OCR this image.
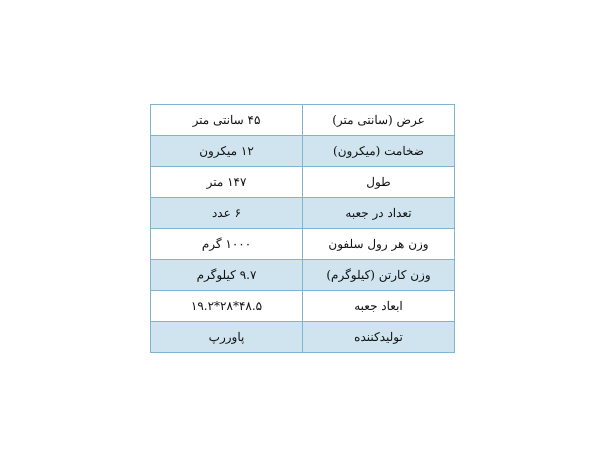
عرض (سانتی متر)	۴۵ سانتی متر
ضخامت (میکرون)	۱۲ میکرون
طول	۱۴۷ متر
تعداد در جعبه	۶ عدد
وزن هر رول سلفون	۱۰۰۰ گرم
وزن کارتن (کیلوگرم)	۹.۷ کیلوگرم
ابعاد جعبه	۴۸.۵*۲۸*۱۹.۲
تولیدکننده	پاوررپ
